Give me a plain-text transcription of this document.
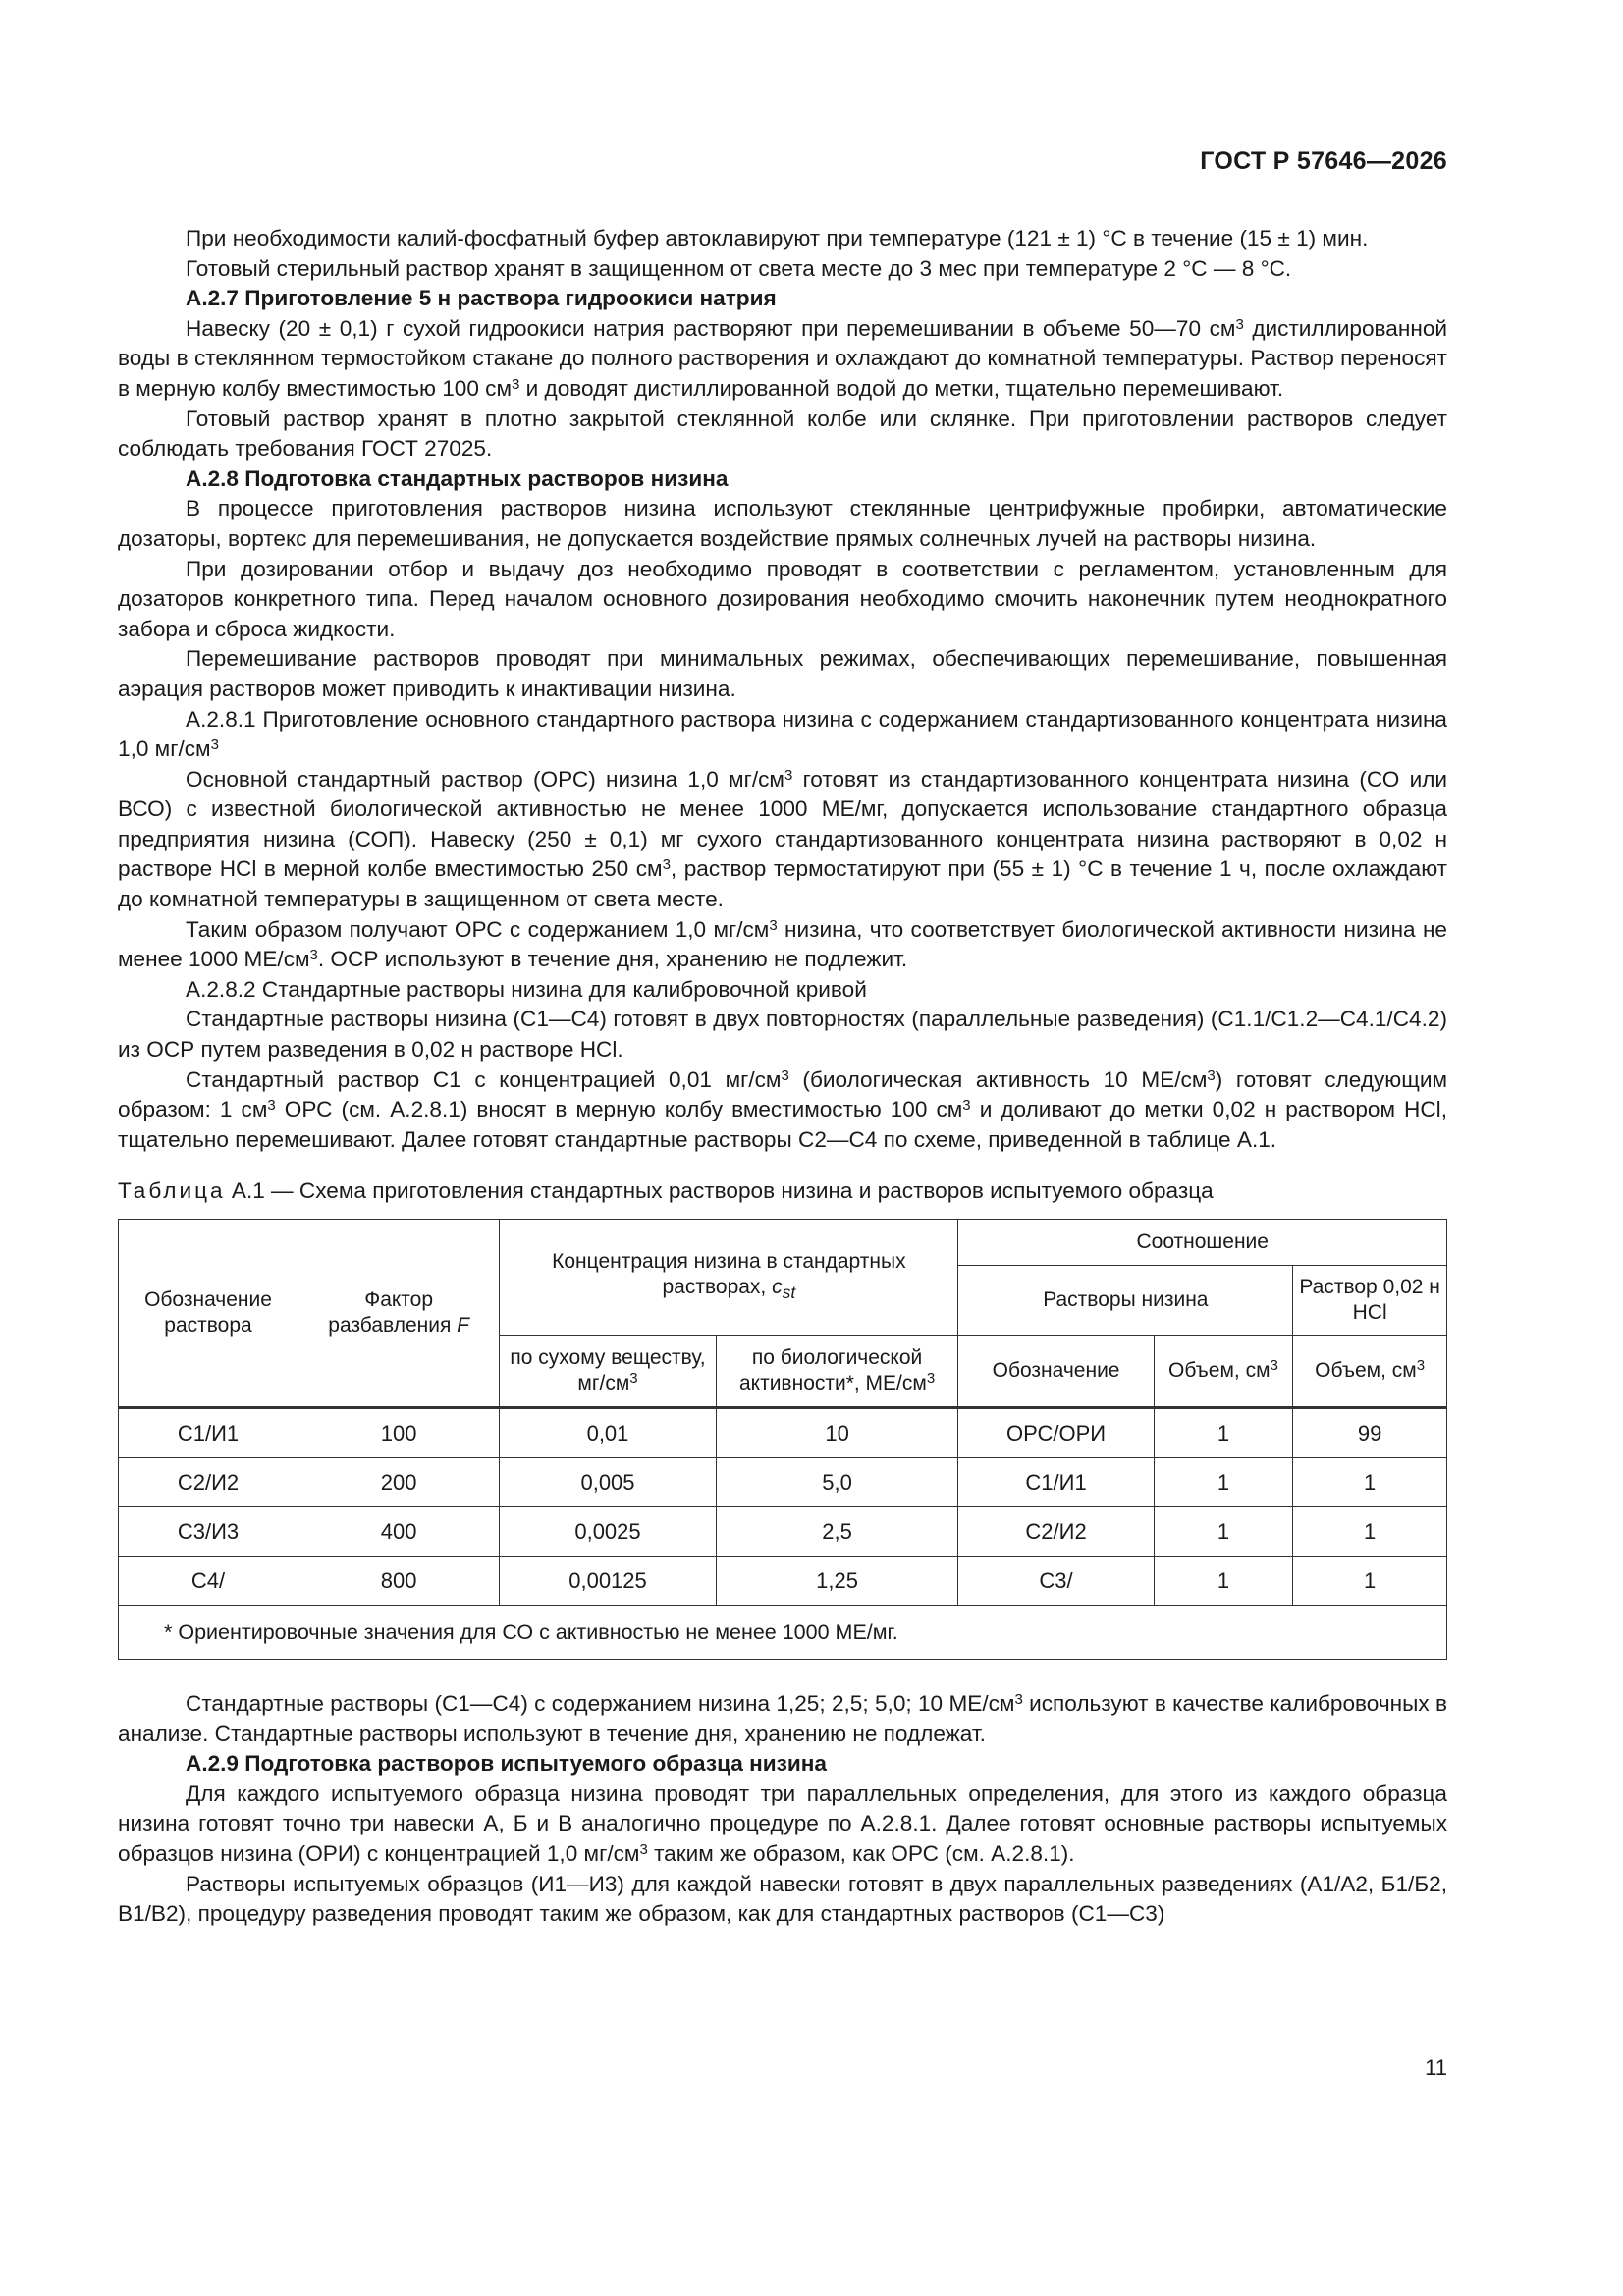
ГОСТ Р 57646—2026

При необходимости калий-фосфатный буфер автоклавируют при температуре (121 ± 1) °С в течение (15 ± 1) мин.

Готовый стерильный раствор хранят в защищенном от света месте до 3 мес при температуре 2 °С — 8 °С.

А.2.7 Приготовление 5 н раствора гидроокиси натрия

Навеску (20 ± 0,1) г сухой гидроокиси натрия растворяют при перемешивании в объеме 50—70 $см^3$ дистиллированной воды в стеклянном термостойком стакане до полного растворения и охлаждают до комнатной температуры. Раствор переносят в мерную колбу вместимостью 100 $см^3$ и доводят дистиллированной водой до метки, тщательно перемешивают.

Готовый раствор хранят в плотно закрытой стеклянной колбе или склянке. При приготовлении растворов следует соблюдать требования ГОСТ 27025.

А.2.8 Подготовка стандартных растворов низина

В процессе приготовления растворов низина используют стеклянные центрифужные пробирки, автоматические дозаторы, вортекс для перемешивания, не допускается воздействие прямых солнечных лучей на растворы низина.

При дозировании отбор и выдачу доз необходимо проводят в соответствии с регламентом, установленным для дозаторов конкретного типа. Перед началом основного дозирования необходимо смочить наконечник путем неоднократного забора и сброса жидкости.

Перемешивание растворов проводят при минимальных режимах, обеспечивающих перемешивание, повышенная аэрация растворов может приводить к инактивации низина.

А.2.8.1 Приготовление основного стандартного раствора низина с содержанием стандартизованного концентрата низина 1,0 $мг/см^3$

Основной стандартный раствор (ОРС) низина 1,0 $мг/см^3$ готовят из стандартизованного концентрата низина (СО или ВСО) с известной биологической активностью не менее 1000 МЕ/мг, допускается использование стандартного образца предприятия низина (СОП). Навеску (250 ± 0,1) мг сухого стандартизованного концентрата низина растворяют в 0,02 н растворе HCl в мерной колбе вместимостью 250 $см^3$, раствор термостатируют при (55 ± 1) °С в течение 1 ч, после охлаждают до комнатной температуры в защищенном от света месте.

Таким образом получают ОРС с содержанием 1,0 $мг/см^3$ низина, что соответствует биологической активности низина не менее 1000 $МЕ/см^3$. ОСР используют в течение дня, хранению не подлежит.

А.2.8.2 Стандартные растворы низина для калибровочной кривой

Стандартные растворы низина (С1—С4) готовят в двух повторностях (параллельные разведения) (С1.1/С1.2—С4.1/С4.2) из ОСР путем разведения в 0,02 н растворе HCl.

Стандартный раствор С1 с концентрацией 0,01 $мг/см^3$ (биологическая активность 10 $МЕ/см^3$) готовят следующим образом: 1 $см^3$ ОРС (см. А.2.8.1) вносят в мерную колбу вместимостью 100 $см^3$ и доливают до метки 0,02 н раствором HCl, тщательно перемешивают. Далее готовят стандартные растворы С2—С4 по схеме, приведенной в таблице А.1.

Таблица А.1 — Схема приготовления стандартных растворов низина и растворов испытуемого образца

Обозначение раствора	Фактор разбавления F	Концентрация низина в стандартных растворах, $c_{st}$		Соотношение		
				Растворы низина		Раствор 0,02 н HCl
		по сухому веществу, $мг/см^3$	по биологической активности*, $МЕ/см^3$	Обозначение	Объем, $см^3$	Объем, $см^3$
С1/И1	100	0,01	10	ОРС/ОРИ	1	99
С2/И2	200	0,005	5,0	С1/И1	1	1
С3/И3	400	0,0025	2,5	С2/И2	1	1
С4/	800	0,00125	1,25	С3/	1	1
* Ориентировочные значения для СО с активностью не менее 1000 МЕ/мг.						

Стандартные растворы (С1—С4) с содержанием низина 1,25; 2,5; 5,0; 10 $МЕ/см^3$ используют в качестве калибровочных в анализе. Стандартные растворы используют в течение дня, хранению не подлежат.

А.2.9 Подготовка растворов испытуемого образца низина

Для каждого испытуемого образца низина проводят три параллельных определения, для этого из каждого образца низина готовят точно три навески А, Б и В аналогично процедуре по А.2.8.1. Далее готовят основные растворы испытуемых образцов низина (ОРИ) с концентрацией 1,0 $мг/см^3$ таким же образом, как ОРС (см. А.2.8.1).

Растворы испытуемых образцов (И1—И3) для каждой навески готовят в двух параллельных разведениях (А1/А2, Б1/Б2, В1/В2), процедуру разведения проводят таким же образом, как для стандартных растворов (С1—С3)

11
